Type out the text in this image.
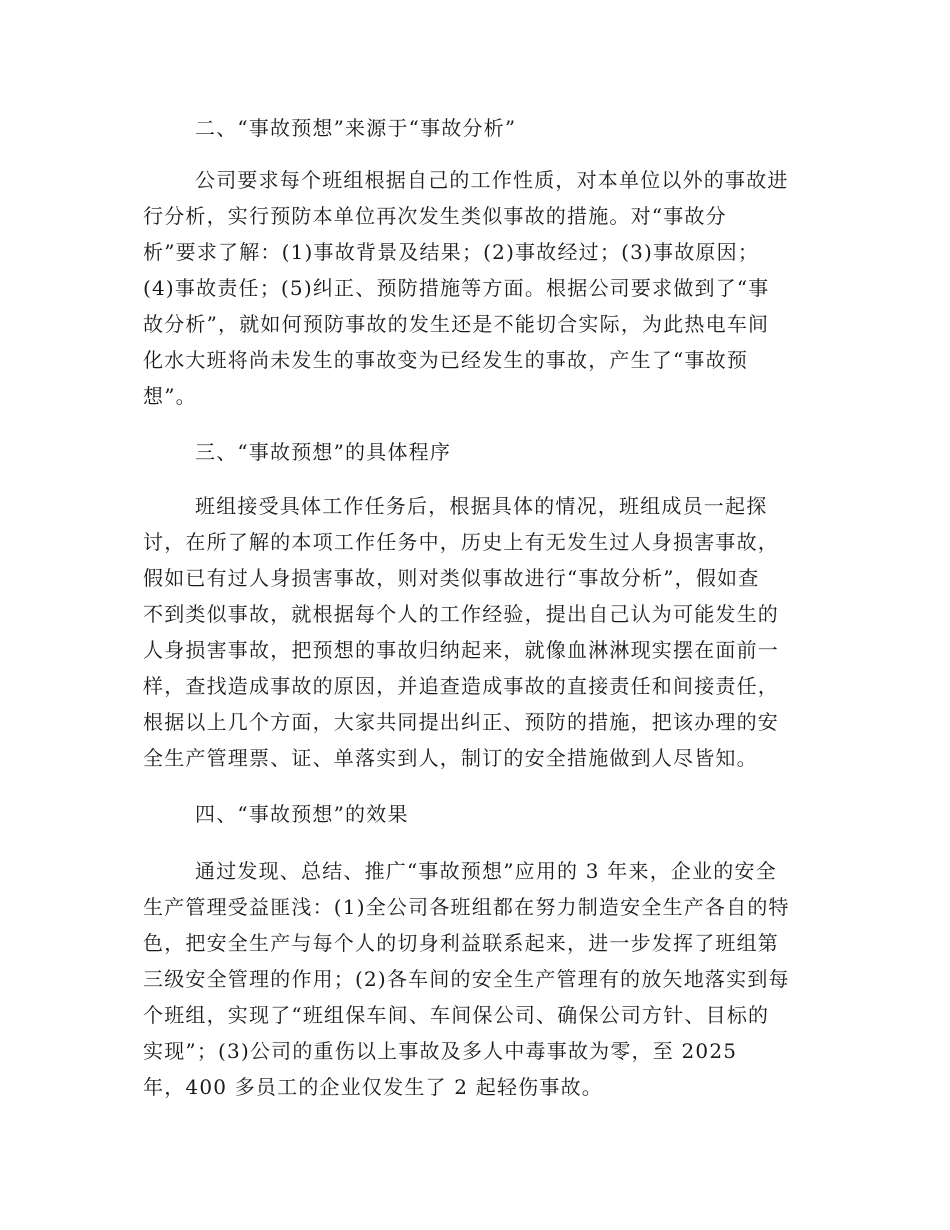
二、“事故预想”来源于“事故分析”
公司要求每个班组根据自己的工作性质，对本单位以外的事故进
行分析，实行预防本单位再次发生类似事故的措施。对“事故分
析”要求了解：(1)事故背景及结果；(2)事故经过；(3)事故原因；
(4)事故责任；(5)纠正、预防措施等方面。根据公司要求做到了“事
故分析”，就如何预防事故的发生还是不能切合实际，为此热电车间
化水大班将尚未发生的事故变为已经发生的事故，产生了“事故预
想”。
三、“事故预想”的具体程序
班组接受具体工作任务后，根据具体的情况，班组成员一起探
讨，在所了解的本项工作任务中，历史上有无发生过人身损害事故，
假如已有过人身损害事故，则对类似事故进行“事故分析”，假如查
不到类似事故，就根据每个人的工作经验，提出自己认为可能发生的
人身损害事故，把预想的事故归纳起来，就像血淋淋现实摆在面前一
样，查找造成事故的原因，并追查造成事故的直接责任和间接责任，
根据以上几个方面，大家共同提出纠正、预防的措施，把该办理的安
全生产管理票、证、单落实到人，制订的安全措施做到人尽皆知。
四、“事故预想”的效果
通过发现、总结、推广“事故预想”应用的 3 年来，企业的安全
生产管理受益匪浅：(1)全公司各班组都在努力制造安全生产各自的特
色，把安全生产与每个人的切身利益联系起来，进一步发挥了班组第
三级安全管理的作用；(2)各车间的安全生产管理有的放矢地落实到每
个班组，实现了“班组保车间、车间保公司、确保公司方针、目标的
实现”；(3)公司的重伤以上事故及多人中毒事故为零，至 2025
年，400 多员工的企业仅发生了 2 起轻伤事故。
